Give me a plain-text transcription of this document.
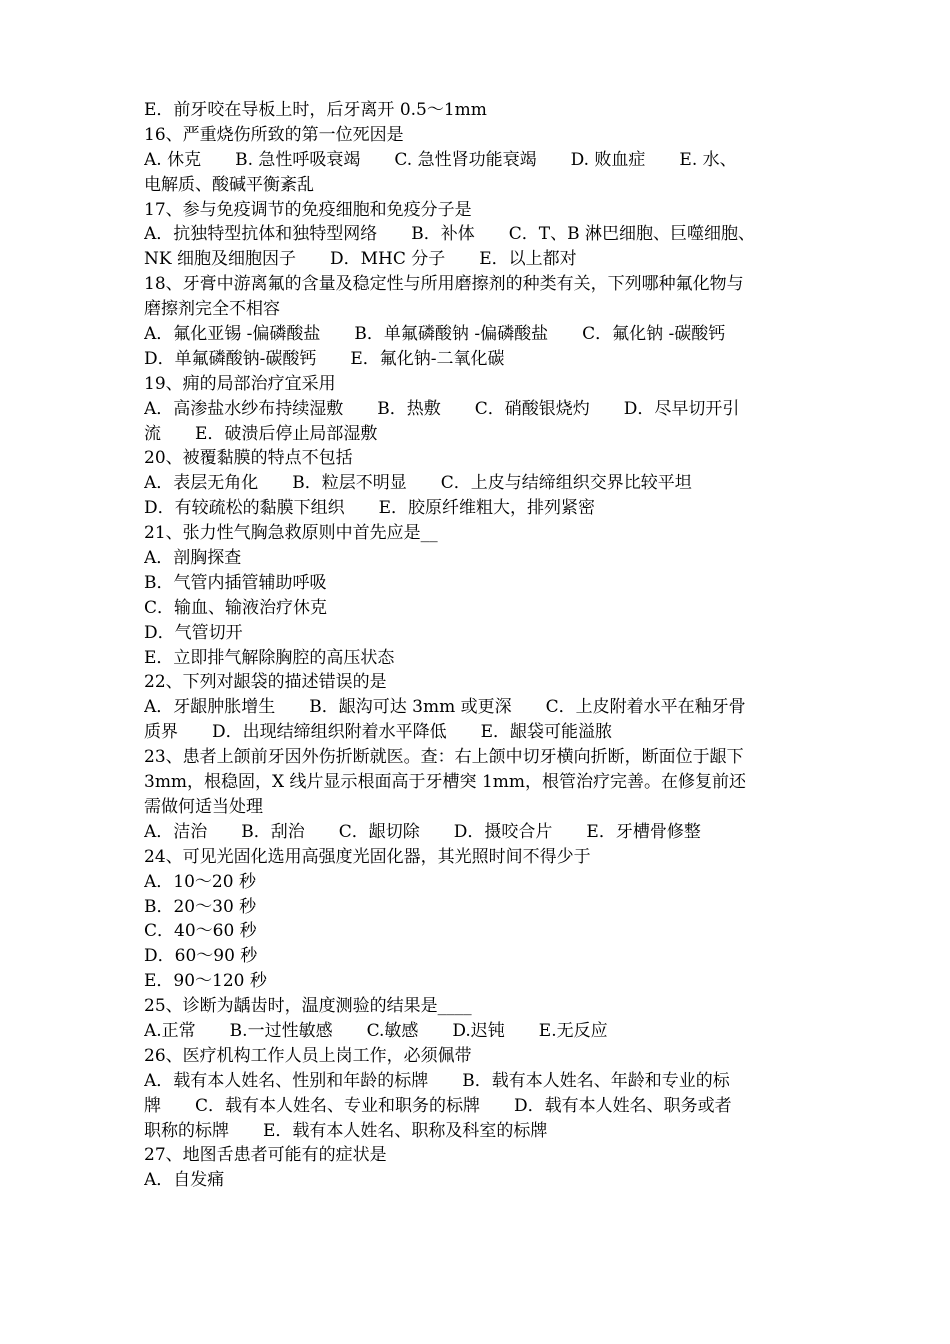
E．前牙咬在导板上时，后牙离开 0.5～1mm
16、严重烧伤所致的第一位死因是
A. 休克　　B. 急性呼吸衰竭　　C. 急性肾功能衰竭　　D. 败血症　　E. 水、
电解质、酸碱平衡紊乱
17、参与免疫调节的免疫细胞和免疫分子是
A．抗独特型抗体和独特型网络　　B．补体　　C．T、B 淋巴细胞、巨噬细胞、
NK 细胞及细胞因子　　D．MHC 分子　　E．以上都对
18、牙膏中游离氟的含量及稳定性与所用磨擦剂的种类有关，下列哪种氟化物与
磨擦剂完全不相容
A．氟化亚锡 -偏磷酸盐　　B．单氟磷酸钠 -偏磷酸盐　　C．氟化钠 -碳酸钙
D．单氟磷酸钠-碳酸钙　　E．氟化钠-二氧化碳
19、痈的局部治疗宜采用
A．高渗盐水纱布持续湿敷　　B．热敷　　C．硝酸银烧灼　　D．尽早切开引
流　　E．破溃后停止局部湿敷
20、被覆黏膜的特点不包括
A．表层无角化　　B．粒层不明显　　C．上皮与结缔组织交界比较平坦
D．有较疏松的黏膜下组织　　E．胶原纤维粗大，排列紧密
21、张力性气胸急救原则中首先应是__
A．剖胸探查
B．气管内插管辅助呼吸
C．输血、输液治疗休克
D．气管切开
E．立即排气解除胸腔的高压状态
22、下列对龈袋的描述错误的是
A．牙龈肿胀增生　　B．龈沟可达 3mm 或更深　　C．上皮附着水平在釉牙骨
质界　　D．出现结缔组织附着水平降低　　E．龈袋可能溢脓
23、患者上颌前牙因外伤折断就医。查：右上颌中切牙横向折断，断面位于龈下
3mm，根稳固，X 线片显示根面高于牙槽突 1mm，根管治疗完善。在修复前还
需做何适当处理
A．洁治　　B．刮治　　C．龈切除　　D．摄咬合片　　E．牙槽骨修整
24、可见光固化选用高强度光固化器，其光照时间不得少于
A．10～20 秒
B．20～30 秒
C．40～60 秒
D．60～90 秒
E．90～120 秒
25、诊断为龋齿时，温度测验的结果是____
A.正常　　B.一过性敏感　　C.敏感　　D.迟钝　　E.无反应
26、医疗机构工作人员上岗工作，必须佩带
A．载有本人姓名、性别和年龄的标牌　　B．载有本人姓名、年龄和专业的标
牌　　C．载有本人姓名、专业和职务的标牌　　D．载有本人姓名、职务或者
职称的标牌　　E．载有本人姓名、职称及科室的标牌
27、地图舌患者可能有的症状是
A．自发痛
